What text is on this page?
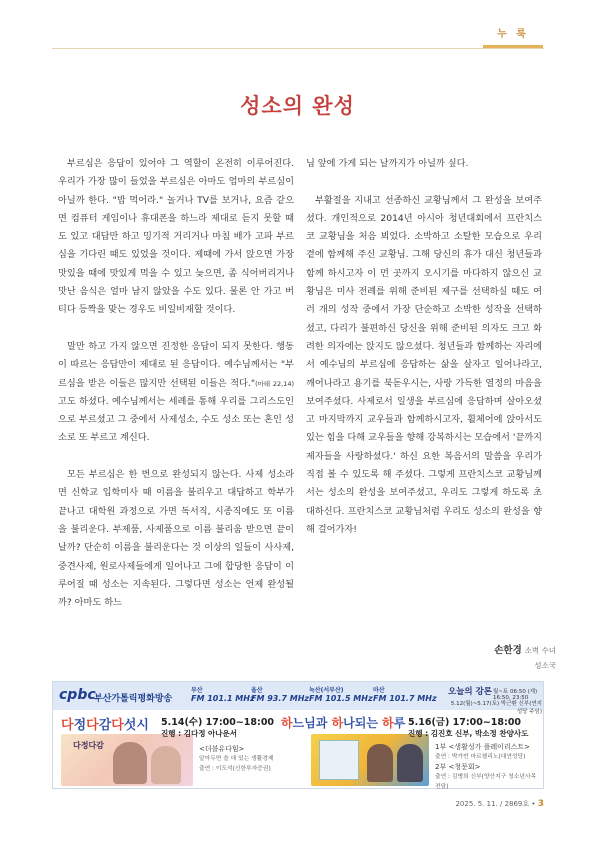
누 룩
성소의 완성

부르심은 응답이 있어야 그 역할이 온전히 이루어진다. 우리가 가장 많이 들었을 부르심은 아마도 엄마의 부르심이 아닐까 한다. "밥 먹어라." 놀거나 TV를 보거나, 요즘 같으면 컴퓨터 게임이나 휴대폰을 하느라 제대로 듣지 못할 때도 있고 대답만 하고 밍기적 거리거나 마침 배가 고파 부르심을 기다린 때도 있었을 것이다. 제때에 가서 앉으면 가장 맛있을 때에 맛있게 먹을 수 있고 늦으면, 좀 식어버리거나 맛난 음식은 얼마 남지 않았을 수도 있다. 물론 안 가고 버티다 등짝을 맞는 경우도 비일비재할 것이다.

말만 하고 가지 않으면 진정한 응답이 되지 못한다. 행동이 따르는 응답만이 제대로 된 응답이다. 예수님께서는 "부르심을 받은 이들은 많지만 선택된 이들은 적다."(마태 22,14)고도 하셨다. 예수님께서는 세례를 통해 우리를 그리스도인으로 부르셨고 그 중에서 사제성소, 수도 성소 또는 혼인 성소로 또 부르고 계신다.

모든 부르심은 한 번으로 완성되지 않는다. 사제 성소라면 신학교 입학미사 때 이름을 불리우고 대답하고 학부가 끝나고 대학원 과정으로 가면 독서직, 시종직에도 또 이름을 불리운다. 부제품, 사제품으로 이름 불리움 받으면 끝이 날까? 단순히 이름을 불리운다는 것 이상의 일들이 사사제, 중견사제, 원로사제들에게 일어나고 그에 합당한 응답이 이루어질 때 성소는 지속된다. 그렇다면 성소는 언제 완성될까? 아마도 하느

님 앞에 가게 되는 날까지가 아닐까 싶다.

부활절을 지내고 선종하신 교황님께서 그 완성을 보여주셨다. 개인적으로 2014년 아시아 청년대회에서 프란치스코 교황님을 처음 뵈었다. 소박하고 소탈한 모습으로 우리 곁에 함께해 주신 교황님. 그해 당신의 휴가 대신 청년들과 함께 하시고자 이 먼 곳까지 오시기를 마다하지 않으신 교황님은 미사 전례를 위해 준비된 제구를 선택하실 때도 여러 개의 성작 중에서 가장 단순하고 소박한 성작을 선택하셨고, 다리가 불편하신 당신을 위해 준비된 의자도 크고 화려한 의자에는 앉지도 않으셨다. 청년들과 함께하는 자리에서 예수님의 부르심에 응답하는 삶을 살자고 일어나라고, 깨어나라고 용기를 북돋우시는, 사랑 가득한 열정의 마음을 보여주셨다. 사제로서 일생을 부르심에 응답하며 살아오셨고 마지막까지 교우들과 함께하시고자, 휠체어에 앉아서도 있는 힘을 다해 교우들을 향해 강복하시는 모습에서 '끝까지 제자들을 사랑하셨다.' 하신 요한 복음서의 말씀을 우리가 직접 볼 수 있도록 해 주셨다. 그렇게 프란치스코 교황님께서는 성소의 완성을 보여주셨고, 우리도 그렇게 하도록 초대하신다. 프란치스코 교황님처럼 우리도 성소의 완성을 향해 걸어가자!

손한경 소벽 수녀
성소국
cpbc
부산가톨릭평화방송
부산
FM 101.1 MHz
울산
FM 93.7 MHz
녹산(서부산)
FM 101.5 MHz
마산
FM 101.7 MHz
오늘의 강론 월~토 06:50 (재) 16:50, 23:50
5.12(월)~5.17(토) 박근환 신부(연지성당 주임)
다정다감다섯시
다정다감
5.14(수) 17:00~18:00
진행 : 김다정 아나운서
<더블유다힘>
알아두면 쓸 데 있는 생활경제
출연 : 이도석(신한투자증권)
하느님과 하나되는 하루 5.16(금) 17:00~18:00
진행 : 김진호 신부, 박소정 찬양사도
1부 <생활성가 플레이리스트>
출연 : 박가빈 마르첼리노(대연성당)
2부 <청문회>
출연 : 김병희 신부(양산지구 청소년사목 전담)
2025. 5. 11. / 2869호 • 3
